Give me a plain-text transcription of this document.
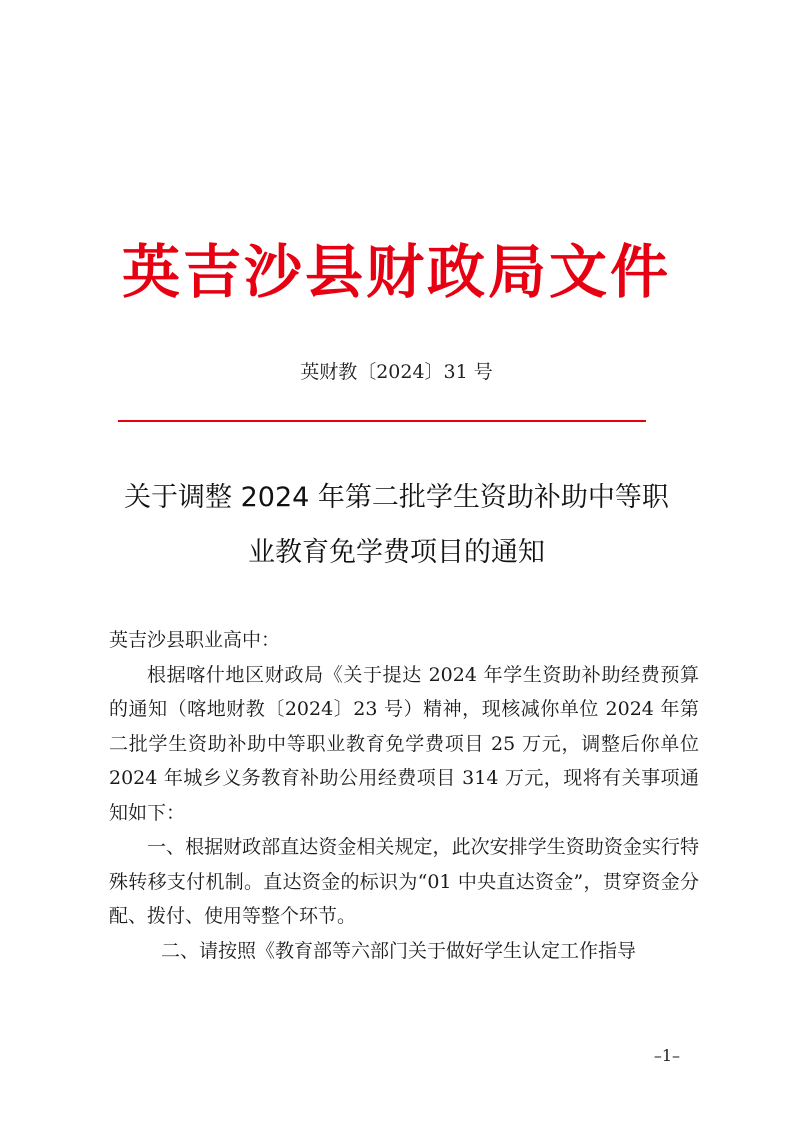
英吉沙县财政局文件
英财教〔2024〕31 号
关于调整 2024 年第二批学生资助补助中等职
业教育免学费项目的通知

英吉沙县职业高中：

根据喀什地区财政局《关于提达 2024 年学生资助补助经费预算的通知（喀地财教〔2024〕23 号）精神，现核减你单位 2024 年第二批学生资助补助中等职业教育免学费项目 25 万元，调整后你单位 2024 年城乡义务教育补助公用经费项目 314 万元，现将有关事项通知如下：

一、根据财政部直达资金相关规定，此次安排学生资助资金实行特殊转移支付机制。直达资金的标识为“01 中央直达资金”，贯穿资金分配、拨付、使用等整个环节。

二、请按照《教育部等六部门关于做好学生认定工作指导

–1–
